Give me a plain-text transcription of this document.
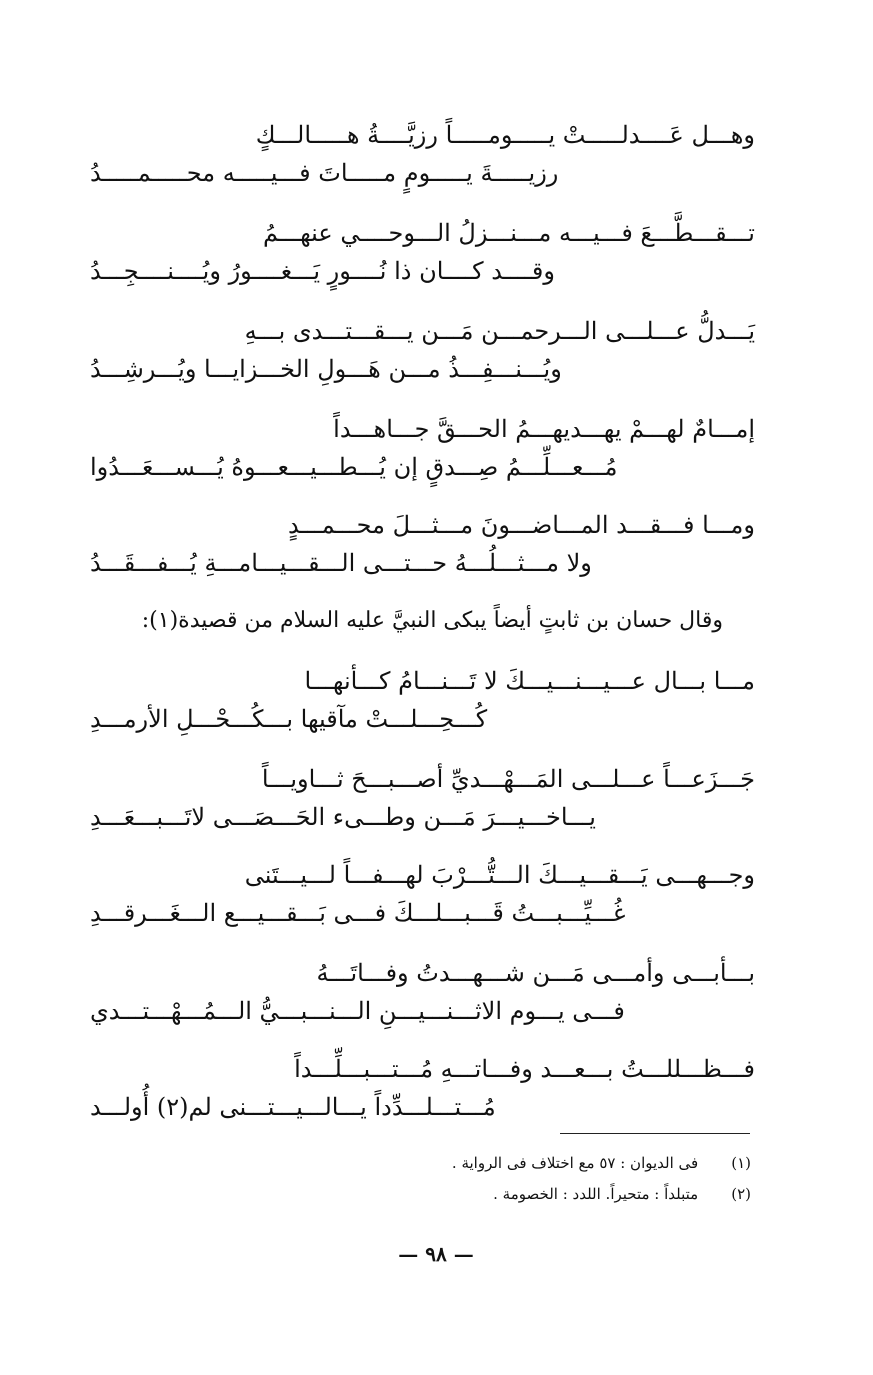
وهـــل عَــــدلـــــتْ يـــــومـــــاً رزيَّــــةُ هـــــالـــكٍ
رزيـــــةَ يـــــومٍ مـــــاتَ فـــيـــــه محـــــمـــــدُ
تـــقـــطَّـــعَ فـــيـــه مـــنـــزلُ الـــوحــــي عنهـــمُ
وقــــد كــــان ذا نُــــورٍ يَـــغــــورُ ويُــــنــــجِـــدُ
يَـــدلُّ عـــلـــى الـــرحمـــن مَـــن يـــقـــتـــدى بـــهِ
ويُـــنـــفِـــذُ مـــن هَـــولِ الخـــزايـــا ويُـــرشِـــدُ
إمـــامٌ لهـــمْ يهـــديهـــمُ الحـــقَّ جـــاهـــداً
مُـــعـــلِّـــمُ صِـــدقٍ إن يُـــطـــيـــعـــوهُ يُـــســـعَـــدُوا
ومـــا فـــقـــد المـــاضـــونَ مـــثـــلَ محـــمـــدٍ
ولا مـــثـــلُـــهُ حـــتـــى الـــقـــيـــامـــةِ يُـــفـــقَـــدُ
وقال حسان بن ثابتٍ أيضاً يبكى النبيَّ عليه السلام من قصيدة(١):
مـــا بـــال عـــيـــنـــيـــكَ لا تَـــنـــامُ كـــأنهـــا
كُـــحِـــلـــتْ مآقيها بـــكُـــحْـــلِ الأرمـــدِ
جَـــزَعـــاً عـــلـــى المَـــهْـــديِّ أصـــبـــحَ ثـــاويـــاً
يـــاخـــيـــرَ مَـــن وطـــىء الحَـــصَـــى لاتَـــبـــعَـــدِ
وجـــهـــى يَـــقـــيـــكَ الـــتُّـــرْبَ لهـــفـــاً لـــيـــتَنى
غُـــيِّـــبـــتُ قَـــبـــلـــكَ فـــى بَـــقـــيـــع الـــغَـــرقـــدِ
بـــأبـــى وأمـــى مَـــن شـــهـــدتُ وفـــاتَـــهُ
فـــى يـــوم الاثـــنـــيـــنِ الـــنـــبـــيُّ الـــمُـــهْـــتـــدي
فـــظـــللـــتُ بـــعـــد وفـــاتـــهِ مُـــتـــبـــلِّـــداً
مُـــتـــلـــدِّداً يـــالـــيـــتـــنى لم(٢) أُولـــد
(١) فى الديوان : ٥٧ مع اختلاف فى الرواية .
(٢) متبلداً : متحيراً. اللدد : الخصومة .
— ٩٨ —
